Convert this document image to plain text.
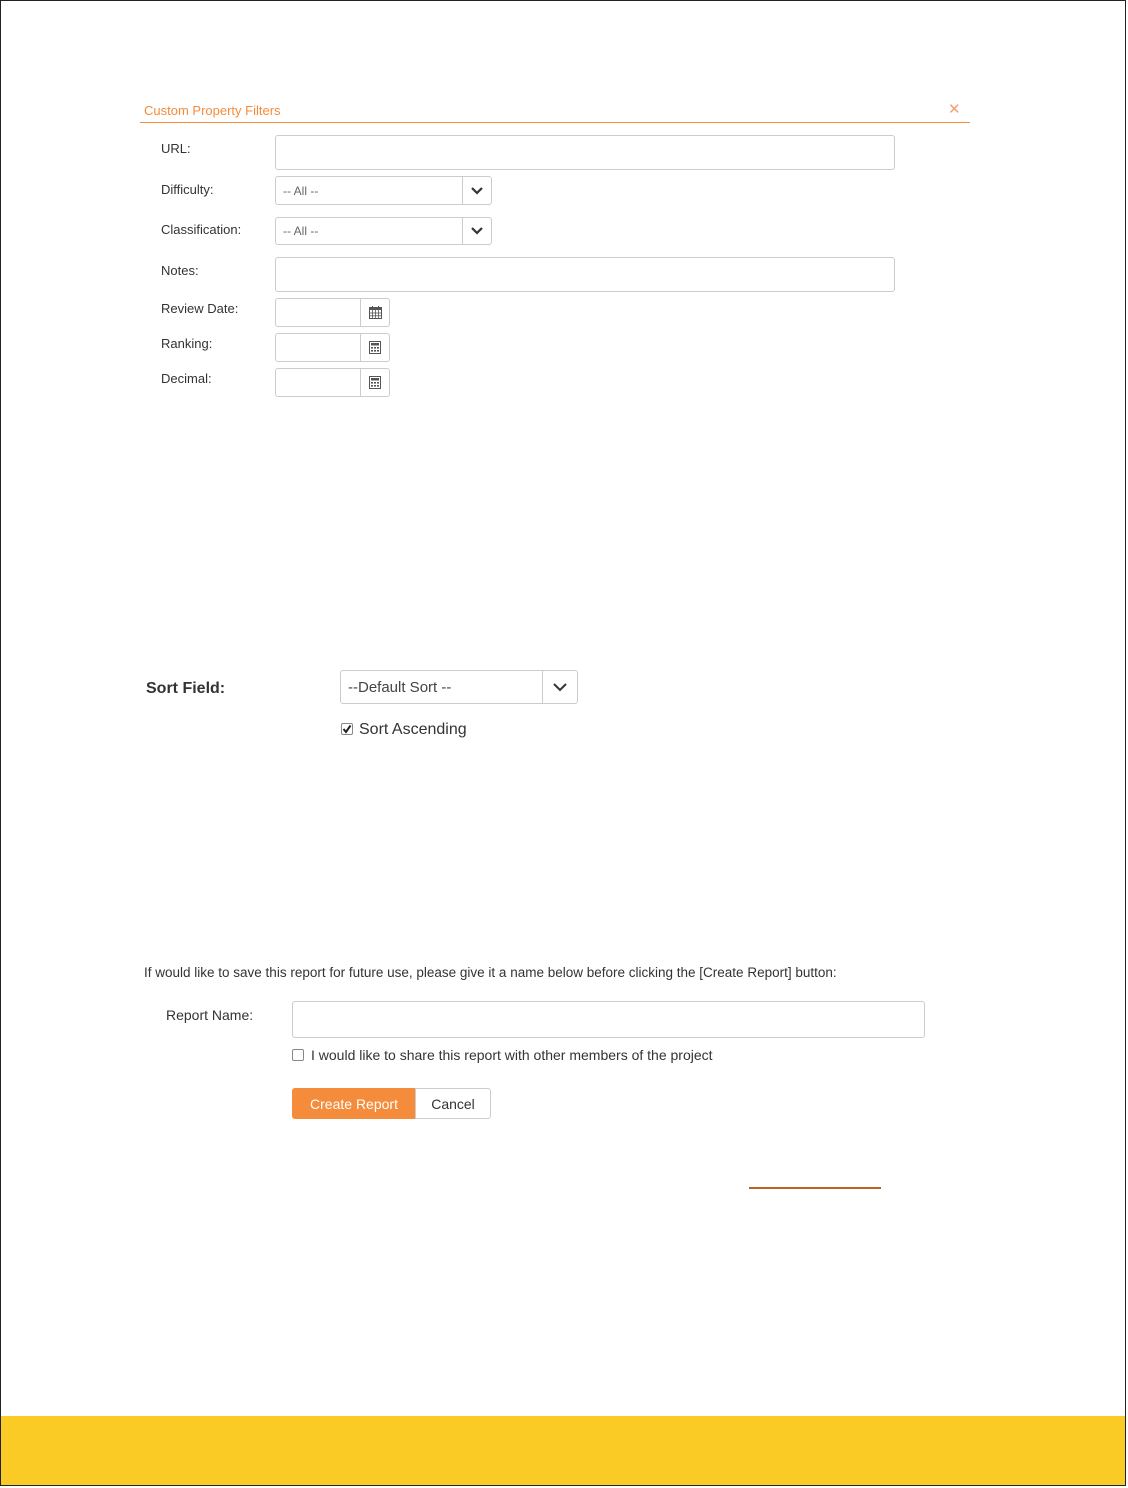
Custom Property Filters	✕
URL:
Difficulty:	-- All --
Classification:	-- All --
Notes:
Review Date:
Ranking:
Decimal:
Sort Field:	--Default Sort --
Sort Ascending
If would like to save this report for future use, please give it a name below before clicking the [Create Report] button:
Report Name:
I would like to share this report with other members of the project
Create Report	Cancel
